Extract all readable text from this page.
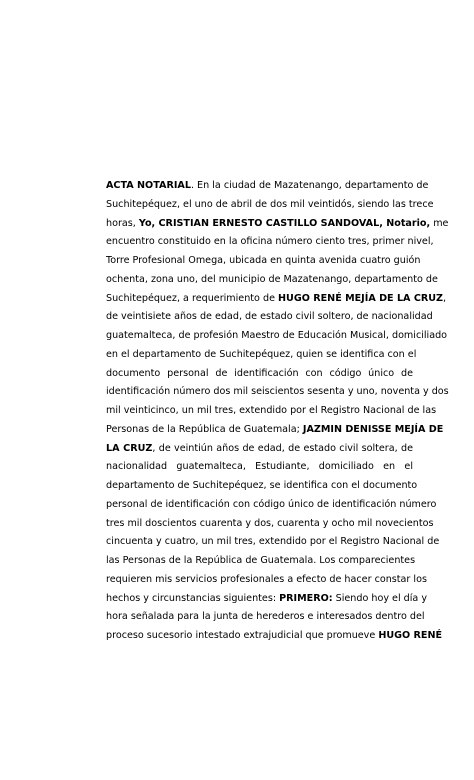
ACTA NOTARIAL. En la ciudad de Mazatenango, departamento de
Suchitepéquez, el uno de abril de dos mil veintidós, siendo las trece
horas, Yo, CRISTIAN ERNESTO CASTILLO SANDOVAL, Notario, me
encuentro constituido en la oficina número ciento tres, primer nivel,
Torre Profesional Omega, ubicada en quinta avenida cuatro guión
ochenta, zona uno, del municipio de Mazatenango, departamento de
Suchitepéquez, a requerimiento de HUGO RENÉ MEJÍA DE LA CRUZ,
de veintisiete años de edad, de estado civil soltero, de nacionalidad
guatemalteca, de profesión Maestro de Educación Musical, domiciliado
en el departamento de Suchitepéquez, quien se identifica con el
documento personal de identificación con código único de
identificación número dos mil seiscientos sesenta y uno, noventa y dos
mil veinticinco, un mil tres, extendido por el Registro Nacional de las
Personas de la República de Guatemala; JAZMIN DENISSE MEJÍA DE
LA CRUZ, de veintiún años de edad, de estado civil soltera, de
nacionalidad guatemalteca, Estudiante, domiciliado en el
departamento de Suchitepéquez, se identifica con el documento
personal de identificación con código único de identificación número
tres mil doscientos cuarenta y dos, cuarenta y ocho mil novecientos
cincuenta y cuatro, un mil tres, extendido por el Registro Nacional de
las Personas de la República de Guatemala. Los comparecientes
requieren mis servicios profesionales a efecto de hacer constar los
hechos y circunstancias siguientes: PRIMERO: Siendo hoy el día y
hora señalada para la junta de herederos e interesados dentro del
proceso sucesorio intestado extrajudicial que promueve HUGO RENÉ
